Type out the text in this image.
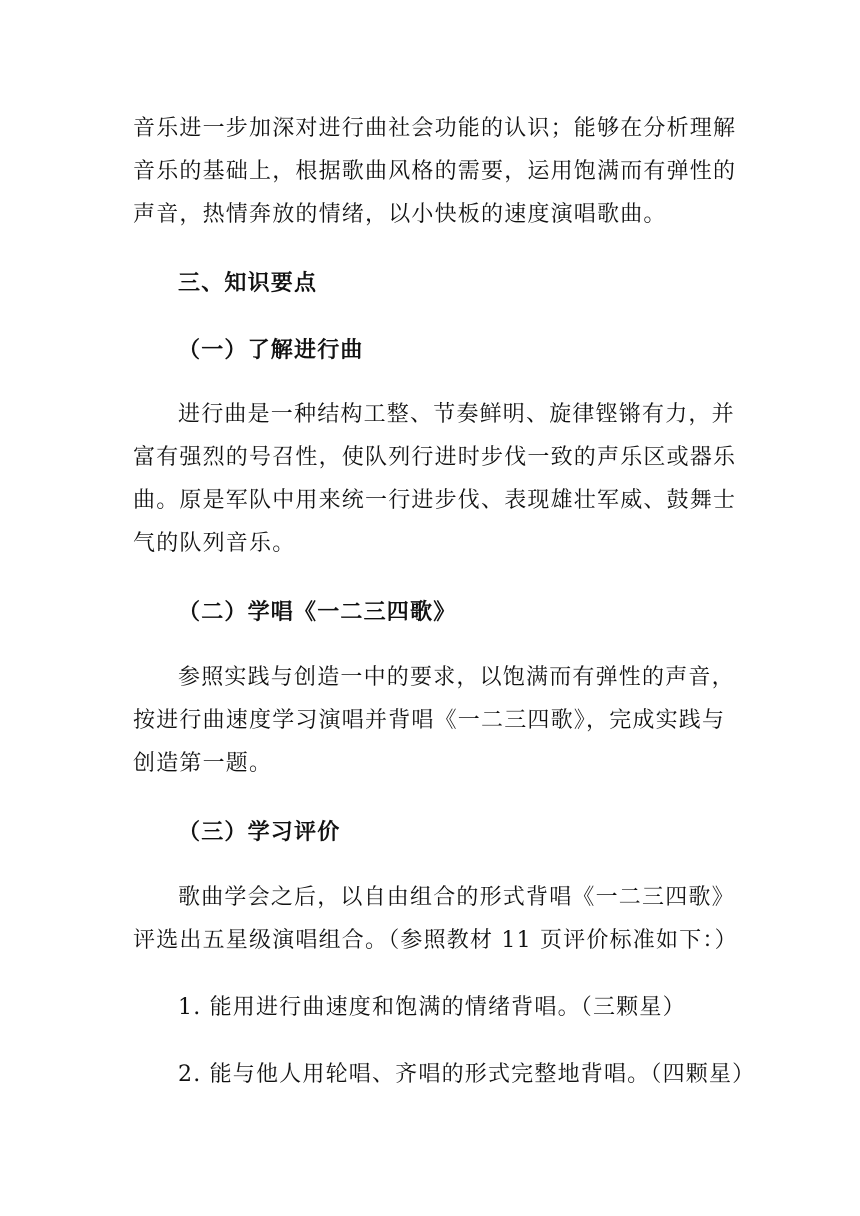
音乐进一步加深对进行曲社会功能的认识；能够在分析理解
音乐的基础上，根据歌曲风格的需要，运用饱满而有弹性的
声音，热情奔放的情绪，以小快板的速度演唱歌曲。
三、知识要点
（一）了解进行曲
进行曲是一种结构工整、节奏鲜明、旋律铿锵有力，并
富有强烈的号召性，使队列行进时步伐一致的声乐区或器乐
曲。原是军队中用来统一行进步伐、表现雄壮军威、鼓舞士
气的队列音乐。
（二）学唱《一二三四歌》
参照实践与创造一中的要求，以饱满而有弹性的声音，
按进行曲速度学习演唱并背唱《一二三四歌》，完成实践与
创造第一题。
（三）学习评价
歌曲学会之后，以自由组合的形式背唱《一二三四歌》
评选出五星级演唱组合。（参照教材 11 页评价标准如下：）
1. 能用进行曲速度和饱满的情绪背唱。（三颗星）
2. 能与他人用轮唱、齐唱的形式完整地背唱。（四颗星）
